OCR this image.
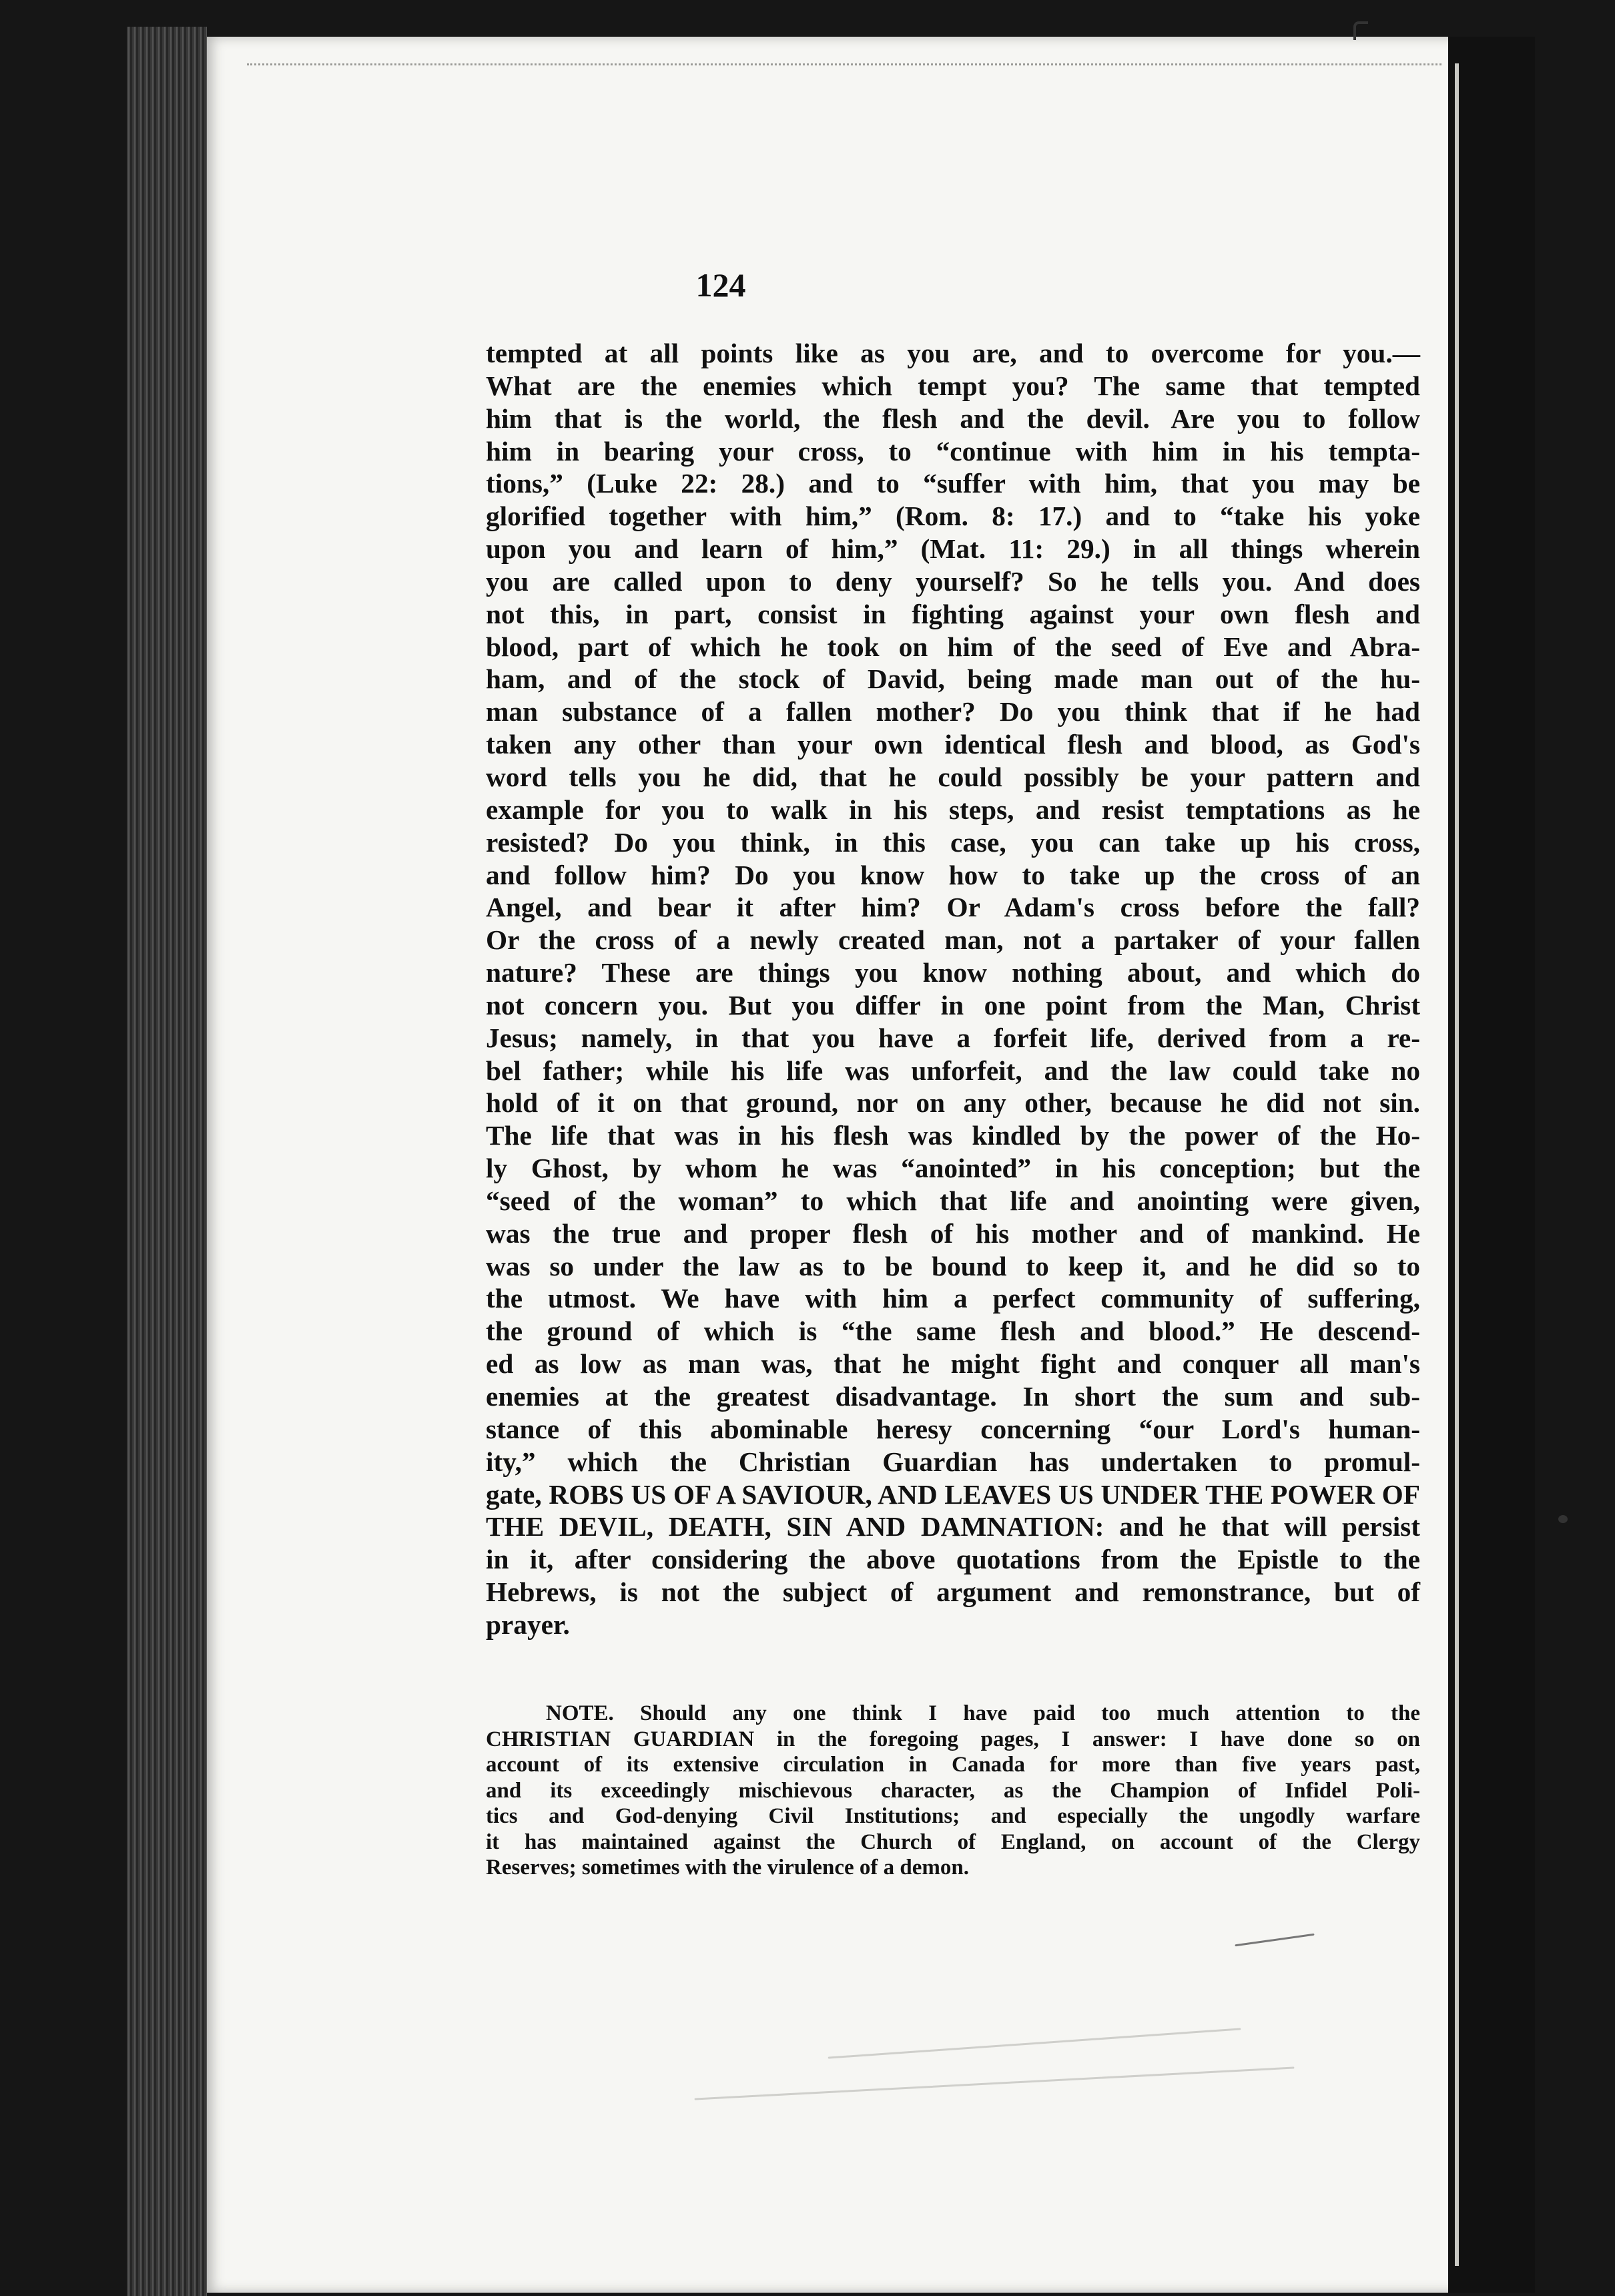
124
tempted at all points like as you are, and to overcome for you.—
What are the enemies which tempt you? The same that tempted
him that is the world, the flesh and the devil. Are you to follow
him in bearing your cross, to “continue with him in his tempta-
tions,” (Luke 22: 28.) and to “suffer with him, that you may be
glorified together with him,” (Rom. 8: 17.) and to “take his yoke
upon you and learn of him,” (Mat. 11: 29.) in all things wherein
you are called upon to deny yourself? So he tells you. And does
not this, in part, consist in fighting against your own flesh and
blood, part of which he took on him of the seed of Eve and Abra-
ham, and of the stock of David, being made man out of the hu-
man substance of a fallen mother? Do you think that if he had
taken any other than your own identical flesh and blood, as God's
word tells you he did, that he could possibly be your pattern and
example for you to walk in his steps, and resist temptations as he
resisted? Do you think, in this case, you can take up his cross,
and follow him? Do you know how to take up the cross of an
Angel, and bear it after him? Or Adam's cross before the fall?
Or the cross of a newly created man, not a partaker of your fallen
nature? These are things you know nothing about, and which do
not concern you. But you differ in one point from the Man, Christ
Jesus; namely, in that you have a forfeit life, derived from a re-
bel father; while his life was unforfeit, and the law could take no
hold of it on that ground, nor on any other, because he did not sin.
The life that was in his flesh was kindled by the power of the Ho-
ly Ghost, by whom he was “anointed” in his conception; but the
“seed of the woman” to which that life and anointing were given,
was the true and proper flesh of his mother and of mankind. He
was so under the law as to be bound to keep it, and he did so to
the utmost. We have with him a perfect community of suffering,
the ground of which is “the same flesh and blood.” He descend-
ed as low as man was, that he might fight and conquer all man's
enemies at the greatest disadvantage. In short the sum and sub-
stance of this abominable heresy concerning “our Lord's human-
ity,” which the Christian Guardian has undertaken to promul-
gate, ROBS US OF A SAVIOUR, AND LEAVES US UNDER THE POWER OF
THE DEVIL, DEATH, SIN AND DAMNATION: and he that will persist
in it, after considering the above quotations from the Epistle to the
Hebrews, is not the subject of argument and remonstrance, but of
prayer.
NOTE. Should any one think I have paid too much attention to the
CHRISTIAN GUARDIAN in the foregoing pages, I answer: I have done so on
account of its extensive circulation in Canada for more than five years past,
and its exceedingly mischievous character, as the Champion of Infidel Poli-
tics and God-denying Civil Institutions; and especially the ungodly warfare
it has maintained against the Church of England, on account of the Clergy
Reserves; sometimes with the virulence of a demon.
